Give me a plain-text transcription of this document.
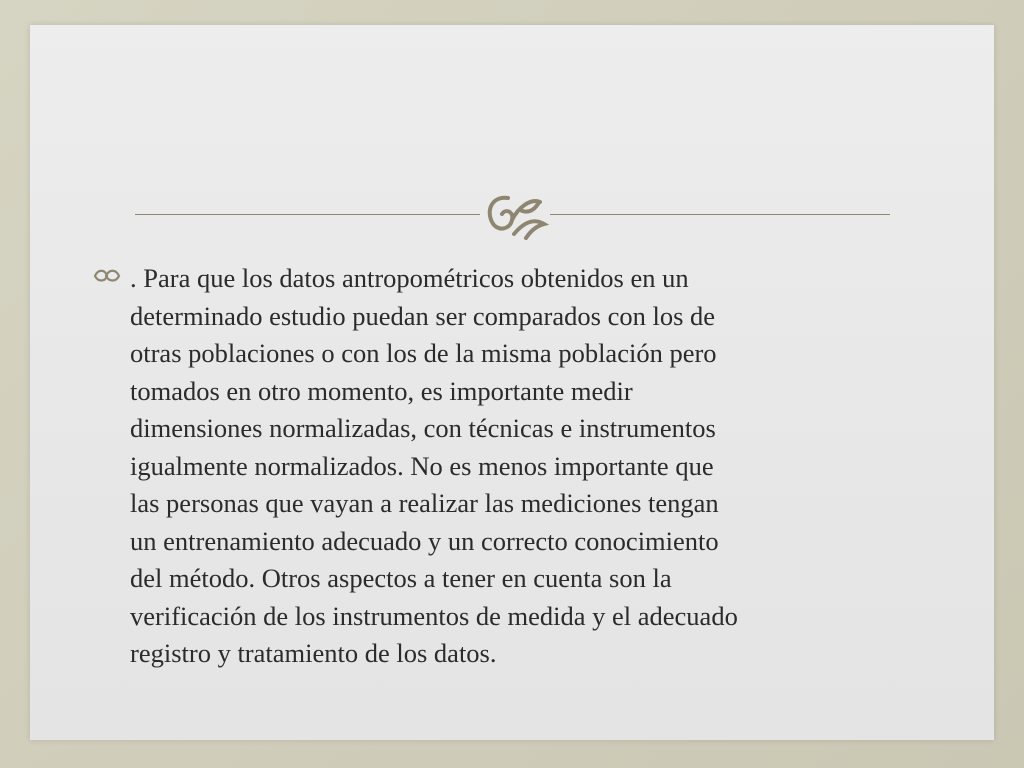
. Para que los datos antropométricos obtenidos en un
determinado estudio puedan ser comparados con los de
otras poblaciones o con los de la misma población pero
tomados en otro momento, es importante medir
dimensiones normalizadas, con técnicas e instrumentos
igualmente normalizados. No es menos importante que
las personas que vayan a realizar las mediciones tengan
un entrenamiento adecuado y un correcto conocimiento
del método. Otros aspectos a tener en cuenta son la
verificación de los instrumentos de medida y el adecuado
registro y tratamiento de los datos.
